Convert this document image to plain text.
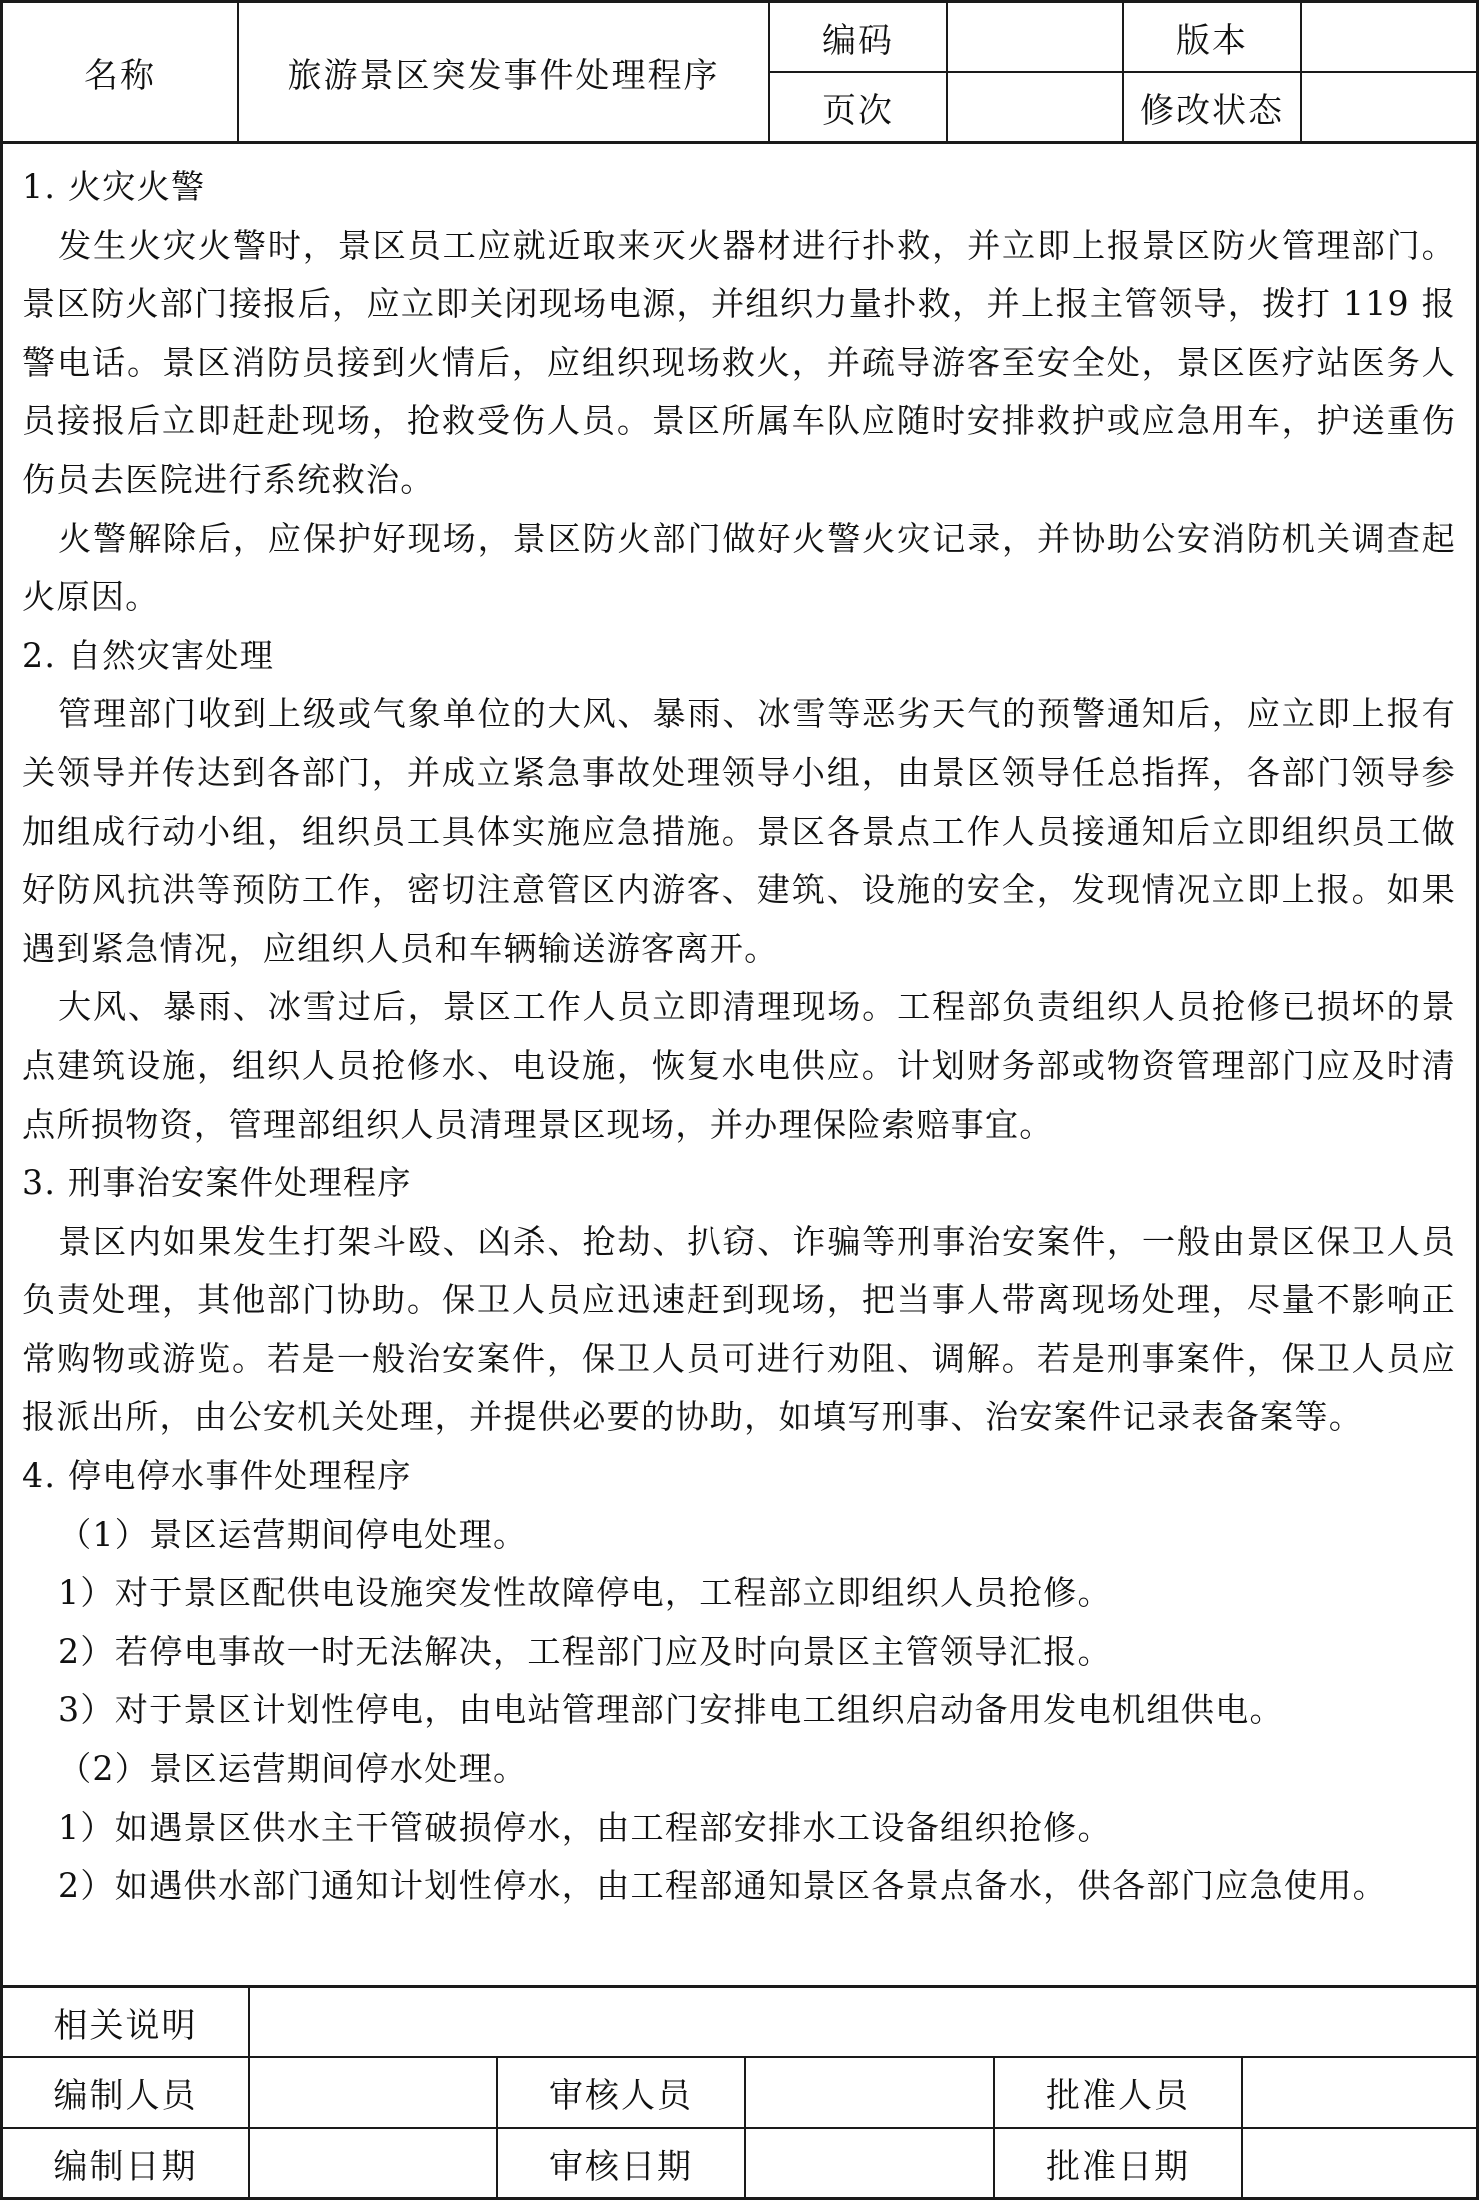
名称	旅游景区突发事件处理程序
编码	版本
页次	修改状态

1. 火灾火警

发生火灾火警时，景区员工应就近取来灭火器材进行扑救，并立即上报景区防火管理部门。景区防火部门接报后，应立即关闭现场电源，并组织力量扑救，并上报主管领导，拨打 119 报警电话。景区消防员接到火情后，应组织现场救火，并疏导游客至安全处，景区医疗站医务人员接报后立即赶赴现场，抢救受伤人员。景区所属车队应随时安排救护或应急用车，护送重伤伤员去医院进行系统救治。

火警解除后，应保护好现场，景区防火部门做好火警火灾记录，并协助公安消防机关调查起火原因。

2. 自然灾害处理

管理部门收到上级或气象单位的大风、暴雨、冰雪等恶劣天气的预警通知后，应立即上报有关领导并传达到各部门，并成立紧急事故处理领导小组，由景区领导任总指挥，各部门领导参加组成行动小组，组织员工具体实施应急措施。景区各景点工作人员接通知后立即组织员工做好防风抗洪等预防工作，密切注意管区内游客、建筑、设施的安全，发现情况立即上报。如果遇到紧急情况，应组织人员和车辆输送游客离开。

大风、暴雨、冰雪过后，景区工作人员立即清理现场。工程部负责组织人员抢修已损坏的景点建筑设施，组织人员抢修水、电设施，恢复水电供应。计划财务部或物资管理部门应及时清点所损物资，管理部组织人员清理景区现场，并办理保险索赔事宜。

3. 刑事治安案件处理程序

景区内如果发生打架斗殴、凶杀、抢劫、扒窃、诈骗等刑事治安案件，一般由景区保卫人员负责处理，其他部门协助。保卫人员应迅速赶到现场，把当事人带离现场处理，尽量不影响正常购物或游览。若是一般治安案件，保卫人员可进行劝阻、调解。若是刑事案件，保卫人员应报派出所，由公安机关处理，并提供必要的协助，如填写刑事、治安案件记录表备案等。

4. 停电停水事件处理程序

（1）景区运营期间停电处理。

1）对于景区配供电设施突发性故障停电，工程部立即组织人员抢修。

2）若停电事故一时无法解决，工程部门应及时向景区主管领导汇报。

3）对于景区计划性停电，由电站管理部门安排电工组织启动备用发电机组供电。

（2）景区运营期间停水处理。

1）如遇景区供水主干管破损停水，由工程部安排水工设备组织抢修。

2）如遇供水部门通知计划性停水，由工程部通知景区各景点备水，供各部门应急使用。

相关说明
编制人员	审核人员	批准人员
编制日期	审核日期	批准日期
